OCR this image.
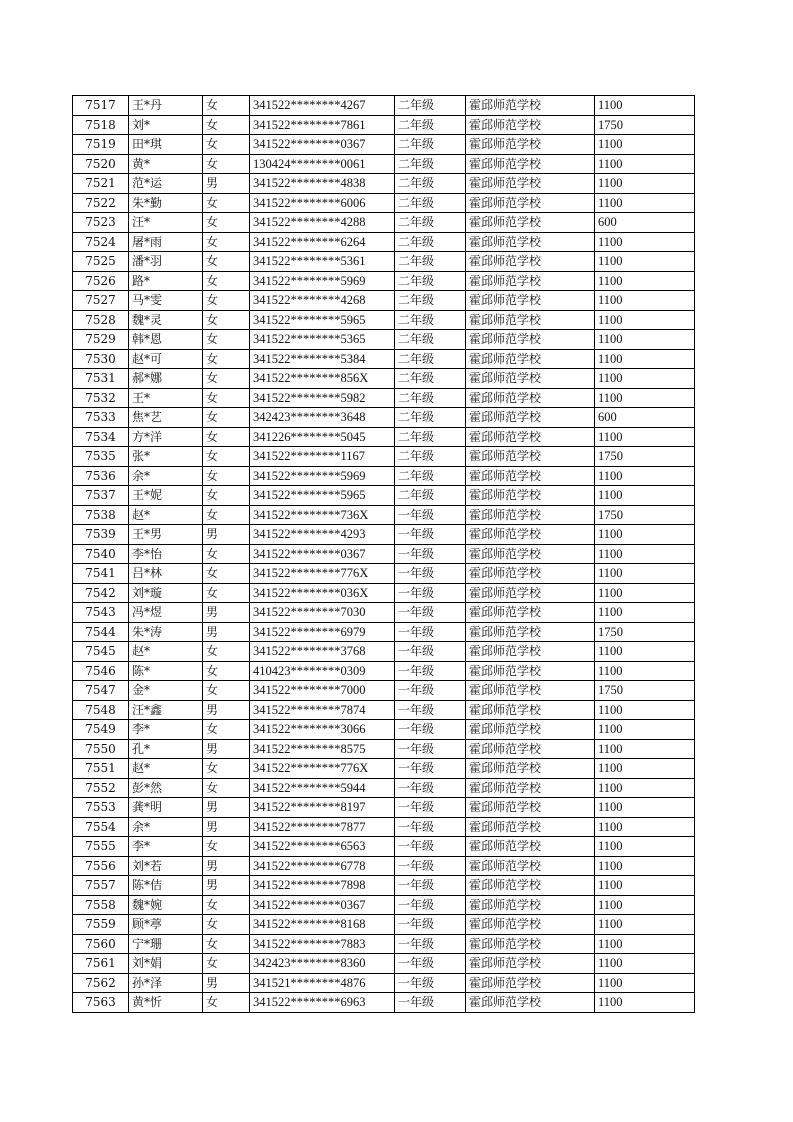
7517	王*丹	女	341522********4267	二年级	霍邱师范学校	1100
7518	刘*	女	341522********7861	二年级	霍邱师范学校	1750
7519	田*琪	女	341522********0367	二年级	霍邱师范学校	1100
7520	黄*	女	130424********0061	二年级	霍邱师范学校	1100
7521	范*运	男	341522********4838	二年级	霍邱师范学校	1100
7522	朱*勤	女	341522********6006	二年级	霍邱师范学校	1100
7523	汪*	女	341522********4288	二年级	霍邱师范学校	600
7524	屠*雨	女	341522********6264	二年级	霍邱师范学校	1100
7525	潘*羽	女	341522********5361	二年级	霍邱师范学校	1100
7526	路*	女	341522********5969	二年级	霍邱师范学校	1100
7527	马*雯	女	341522********4268	二年级	霍邱师范学校	1100
7528	魏*灵	女	341522********5965	二年级	霍邱师范学校	1100
7529	韩*恩	女	341522********5365	二年级	霍邱师范学校	1100
7530	赵*可	女	341522********5384	二年级	霍邱师范学校	1100
7531	郝*娜	女	341522********856X	二年级	霍邱师范学校	1100
7532	王*	女	341522********5982	二年级	霍邱师范学校	1100
7533	焦*艺	女	342423********3648	二年级	霍邱师范学校	600
7534	方*洋	女	341226********5045	二年级	霍邱师范学校	1100
7535	张*	女	341522********1167	二年级	霍邱师范学校	1750
7536	余*	女	341522********5969	二年级	霍邱师范学校	1100
7537	王*妮	女	341522********5965	二年级	霍邱师范学校	1100
7538	赵*	女	341522********736X	一年级	霍邱师范学校	1750
7539	王*男	男	341522********4293	一年级	霍邱师范学校	1100
7540	李*怡	女	341522********0367	一年级	霍邱师范学校	1100
7541	吕*林	女	341522********776X	一年级	霍邱师范学校	1100
7542	刘*璇	女	341522********036X	一年级	霍邱师范学校	1100
7543	冯*煜	男	341522********7030	一年级	霍邱师范学校	1100
7544	朱*涛	男	341522********6979	一年级	霍邱师范学校	1750
7545	赵*	女	341522********3768	一年级	霍邱师范学校	1100
7546	陈*	女	410423********0309	一年级	霍邱师范学校	1100
7547	金*	女	341522********7000	一年级	霍邱师范学校	1750
7548	汪*鑫	男	341522********7874	一年级	霍邱师范学校	1100
7549	李*	女	341522********3066	一年级	霍邱师范学校	1100
7550	孔*	男	341522********8575	一年级	霍邱师范学校	1100
7551	赵*	女	341522********776X	一年级	霍邱师范学校	1100
7552	彭*然	女	341522********5944	一年级	霍邱师范学校	1100
7553	龚*明	男	341522********8197	一年级	霍邱师范学校	1100
7554	余*	男	341522********7877	一年级	霍邱师范学校	1100
7555	李*	女	341522********6563	一年级	霍邱师范学校	1100
7556	刘*若	男	341522********6778	一年级	霍邱师范学校	1100
7557	陈*佶	男	341522********7898	一年级	霍邱师范学校	1100
7558	魏*婉	女	341522********0367	一年级	霍邱师范学校	1100
7559	顾*葶	女	341522********8168	一年级	霍邱师范学校	1100
7560	宁*珊	女	341522********7883	一年级	霍邱师范学校	1100
7561	刘*娟	女	342423********8360	一年级	霍邱师范学校	1100
7562	孙*泽	男	341521********4876	一年级	霍邱师范学校	1100
7563	黄*忻	女	341522********6963	一年级	霍邱师范学校	1100
